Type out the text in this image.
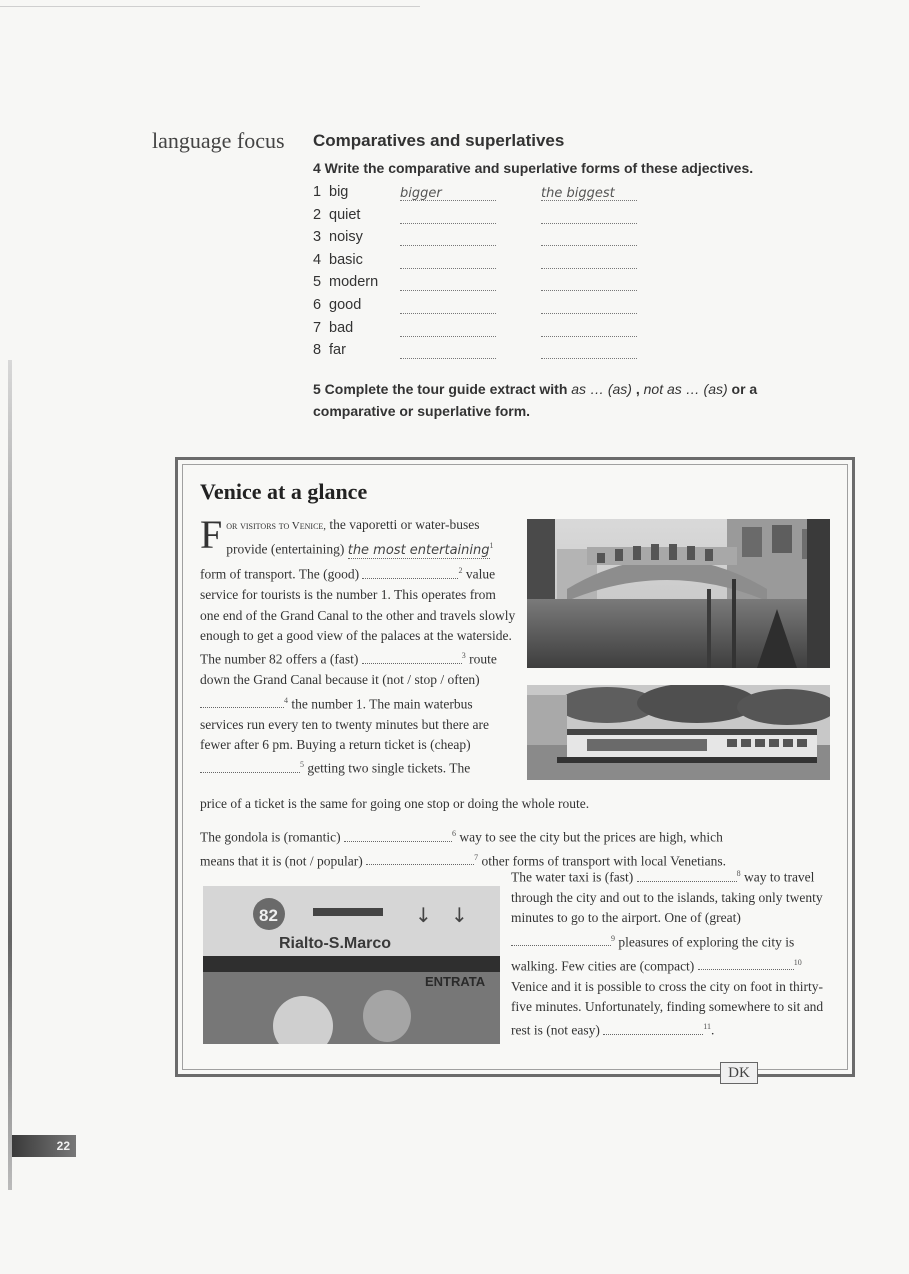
language focus Comparatives and superlatives
4 Write the comparative and superlative forms of these adjectives.
1 big	bigger	the biggest
2 quiet
3 noisy
4 basic
5 modern
6 good
7 bad
8 far
5 Complete the tour guide extract with as … (as) , not as … (as) or a comparative or superlative form.
Venice at a glance
For visitors to Venice, the vaporetti or water-buses provide (entertaining) the most entertaining$^1$ form of transport. The (good)	$^2$ value service for tourists is the number 1. This operates from one end of the Grand Canal to the other and travels slowly enough to get a good view of the palaces at the waterside. The number 82 offers a (fast)	$^3$ route down the Grand Canal because it (not / stop / often) $^4$ the number 1. The main waterbus services run every ten to twenty minutes but there are fewer after 6 pm. Buying a return ticket is (cheap) $^5$ getting two single tickets. The
price of a ticket is the same for going one stop or doing the whole route.
The gondola is (romantic)	$^6$ way to see the city but the prices are high, which
means that it is (not / popular)	$^7$ other forms of transport with local Venetians.
The water taxi is (fast)	$^8$ way to travel through the city and out to the islands, taking only twenty minutes to go to the airport. One of (great) $^9$ pleasures of exploring the city is walking. Few cities are (compact)	$^{10}$ Venice and it is possible to cross the city on foot in thirty-five minutes. Unfortunately, finding somewhere to sit and rest is (not easy)	$^{11}$.
82	↓ ↓
Rialto-S.Marco
ENTRATA
DK
22
